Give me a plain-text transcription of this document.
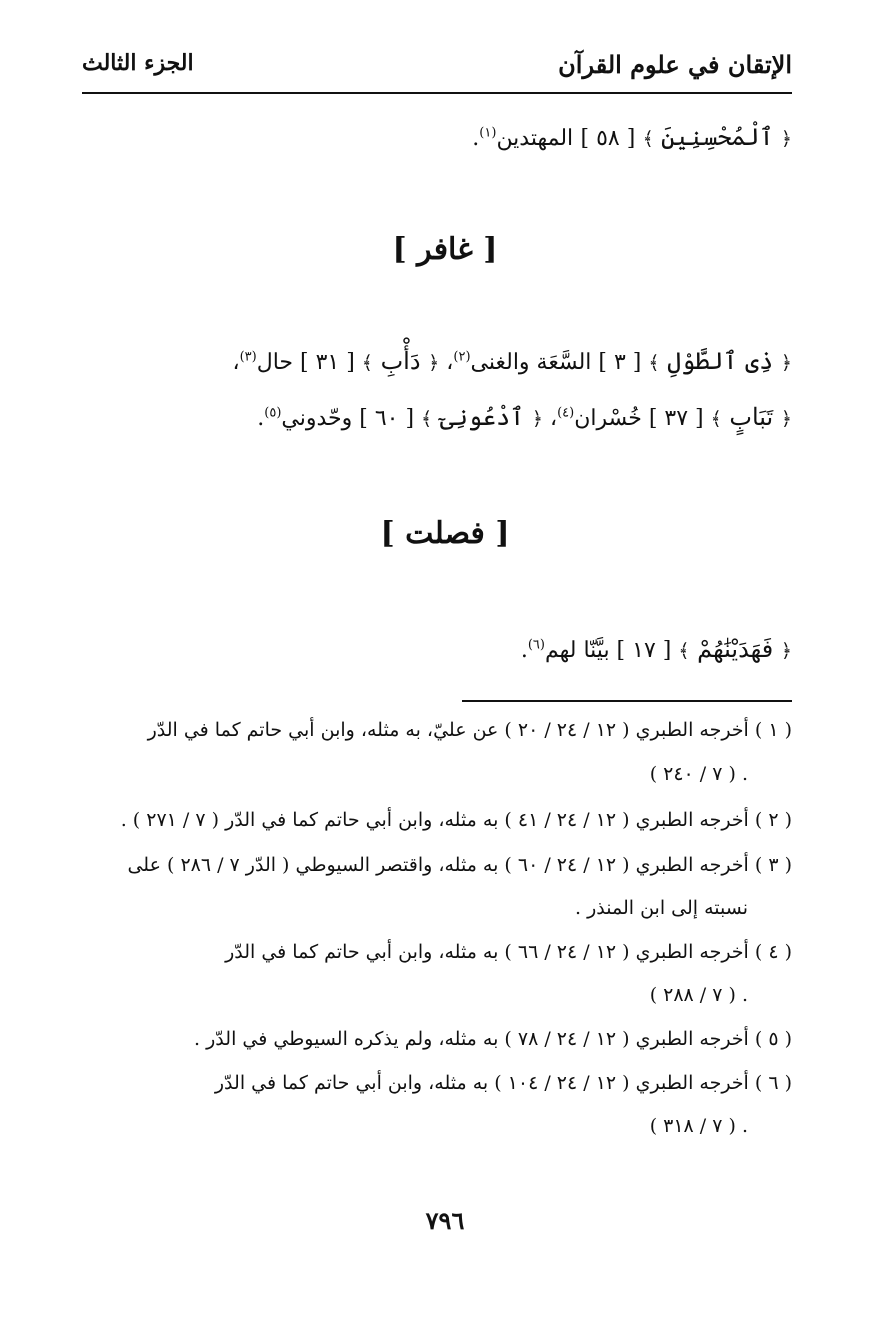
الإتقان في علوم القرآن
الجزء الثالث
﴿ ٱلْمُحْسِنِينَ ﴾ [ ٥٨ ] المهتدين$^{(١)}$.
[ غافر ]
﴿ ذِى ٱلطَّوْلِ ﴾ [ ٣ ] السَّعَة والغنى$^{(٢)}$، ﴿ دَأْبِ ﴾ [ ٣١ ] حال$^{(٣)}$،
﴿ تَبَابٍ ﴾ [ ٣٧ ] خُسْران$^{(٤)}$، ﴿ ٱدْعُونِىٓ ﴾ [ ٦٠ ] وحّدوني$^{(٥)}$.
[ فصلت ]
﴿ فَهَدَيْنَٰهُمْ ﴾ [ ١٧ ] بيَّنّا لهم$^{(٦)}$.
( ١ ) أخرجه الطبري ( ١٢ / ٢٤ / ٢٠ ) عن عليّ، به مثله، وابن أبي حاتم كما في الدّر
. ( ٧ / ٢٤٠ )
( ٢ ) أخرجه الطبري ( ١٢ / ٢٤ / ٤١ ) به مثله، وابن أبي حاتم كما في الدّر ( ٧ / ٢٧١ ) .
( ٣ ) أخرجه الطبري ( ١٢ / ٢٤ / ٦٠ ) به مثله، واقتصر السيوطي ( الدّر ٧ / ٢٨٦ ) على
نسبته إلى ابن المنذر .
( ٤ ) أخرجه الطبري ( ١٢ / ٢٤ / ٦٦ ) به مثله، وابن أبي حاتم كما في الدّر
. ( ٧ / ٢٨٨ )
( ٥ ) أخرجه الطبري ( ١٢ / ٢٤ / ٧٨ ) به مثله، ولم يذكره السيوطي في الدّر .
( ٦ ) أخرجه الطبري ( ١٢ / ٢٤ / ١٠٤ ) به مثله، وابن أبي حاتم كما في الدّر
. ( ٧ / ٣١٨ )
٧٩٦
